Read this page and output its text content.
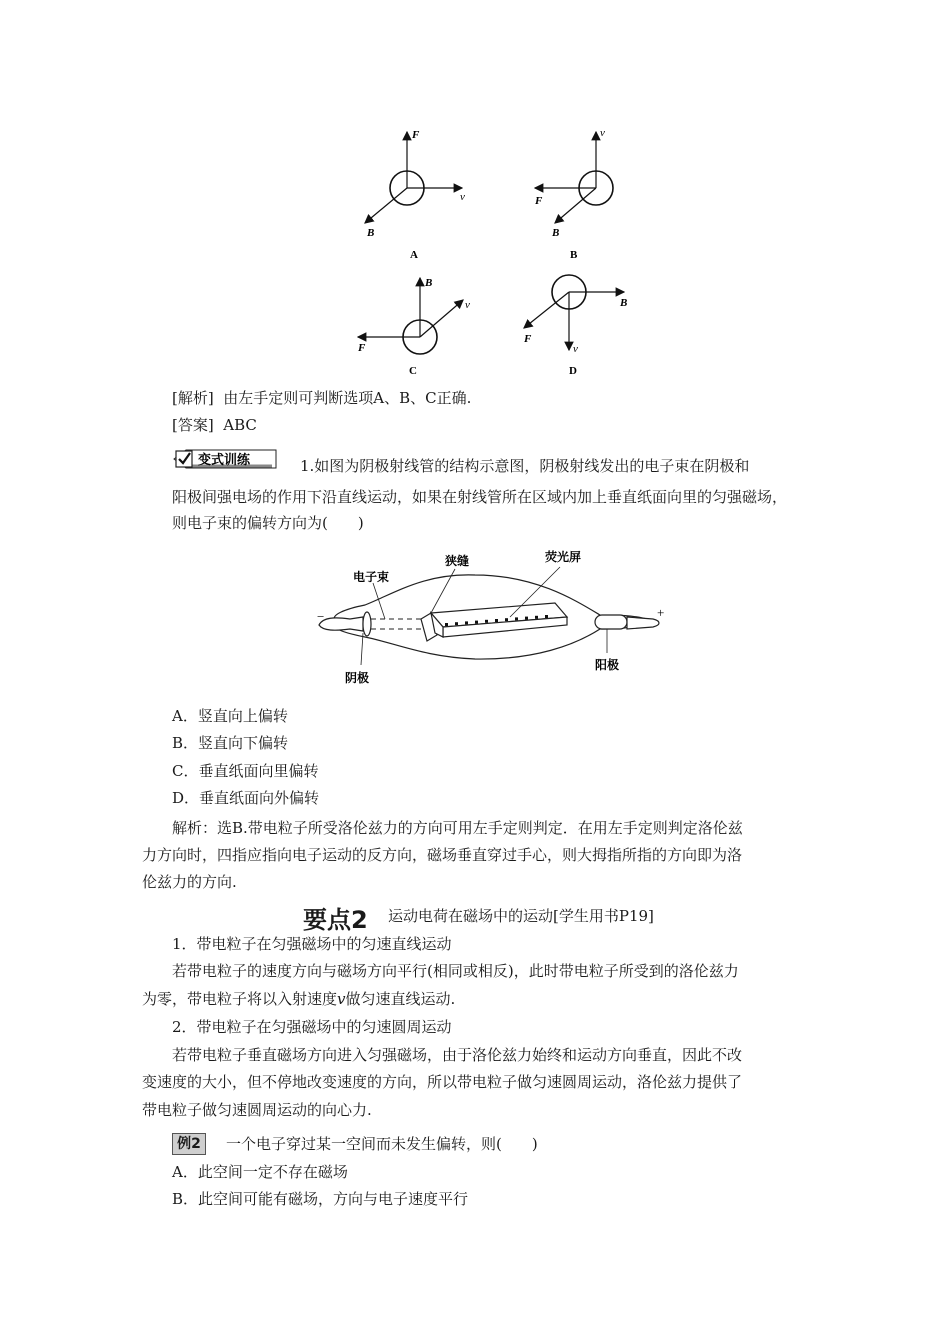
F
v
B
A
v
F
B
B
B
v
F
C
B
v
F
D
[解析] 由左手定则可判断选项A、B、C正确.
[答案] ABC
变式训练	1.如图为阴极射线管的结构示意图，阴极射线发出的电子束在阴极和
阳极间强电场的作用下沿直线运动，如果在射线管所在区域内加上垂直纸面向里的匀强磁场，
则电子束的偏转方向为(　　)
狭缝	荧光屏
电子束
阴极
阳极
−	+
A．竖直向上偏转
B．竖直向下偏转
C．垂直纸面向里偏转
D．垂直纸面向外偏转
解析：选B.带电粒子所受洛伦兹力的方向可用左手定则判定．在用左手定则判定洛伦兹
力方向时，四指应指向电子运动的反方向，磁场垂直穿过手心，则大拇指所指的方向即为洛
伦兹力的方向.
要点2 运动电荷在磁场中的运动[学生用书P19]
1．带电粒子在匀强磁场中的匀速直线运动
若带电粒子的速度方向与磁场方向平行(相同或相反)，此时带电粒子所受到的洛伦兹力
为零，带电粒子将以入射速度v做匀速直线运动.
2．带电粒子在匀强磁场中的匀速圆周运动
若带电粒子垂直磁场方向进入匀强磁场，由于洛伦兹力始终和运动方向垂直，因此不改
变速度的大小，但不停地改变速度的方向，所以带电粒子做匀速圆周运动，洛伦兹力提供了
带电粒子做匀速圆周运动的向心力.
例2	一个电子穿过某一空间而未发生偏转，则(　　)
A．此空间一定不存在磁场
B．此空间可能有磁场，方向与电子速度平行
